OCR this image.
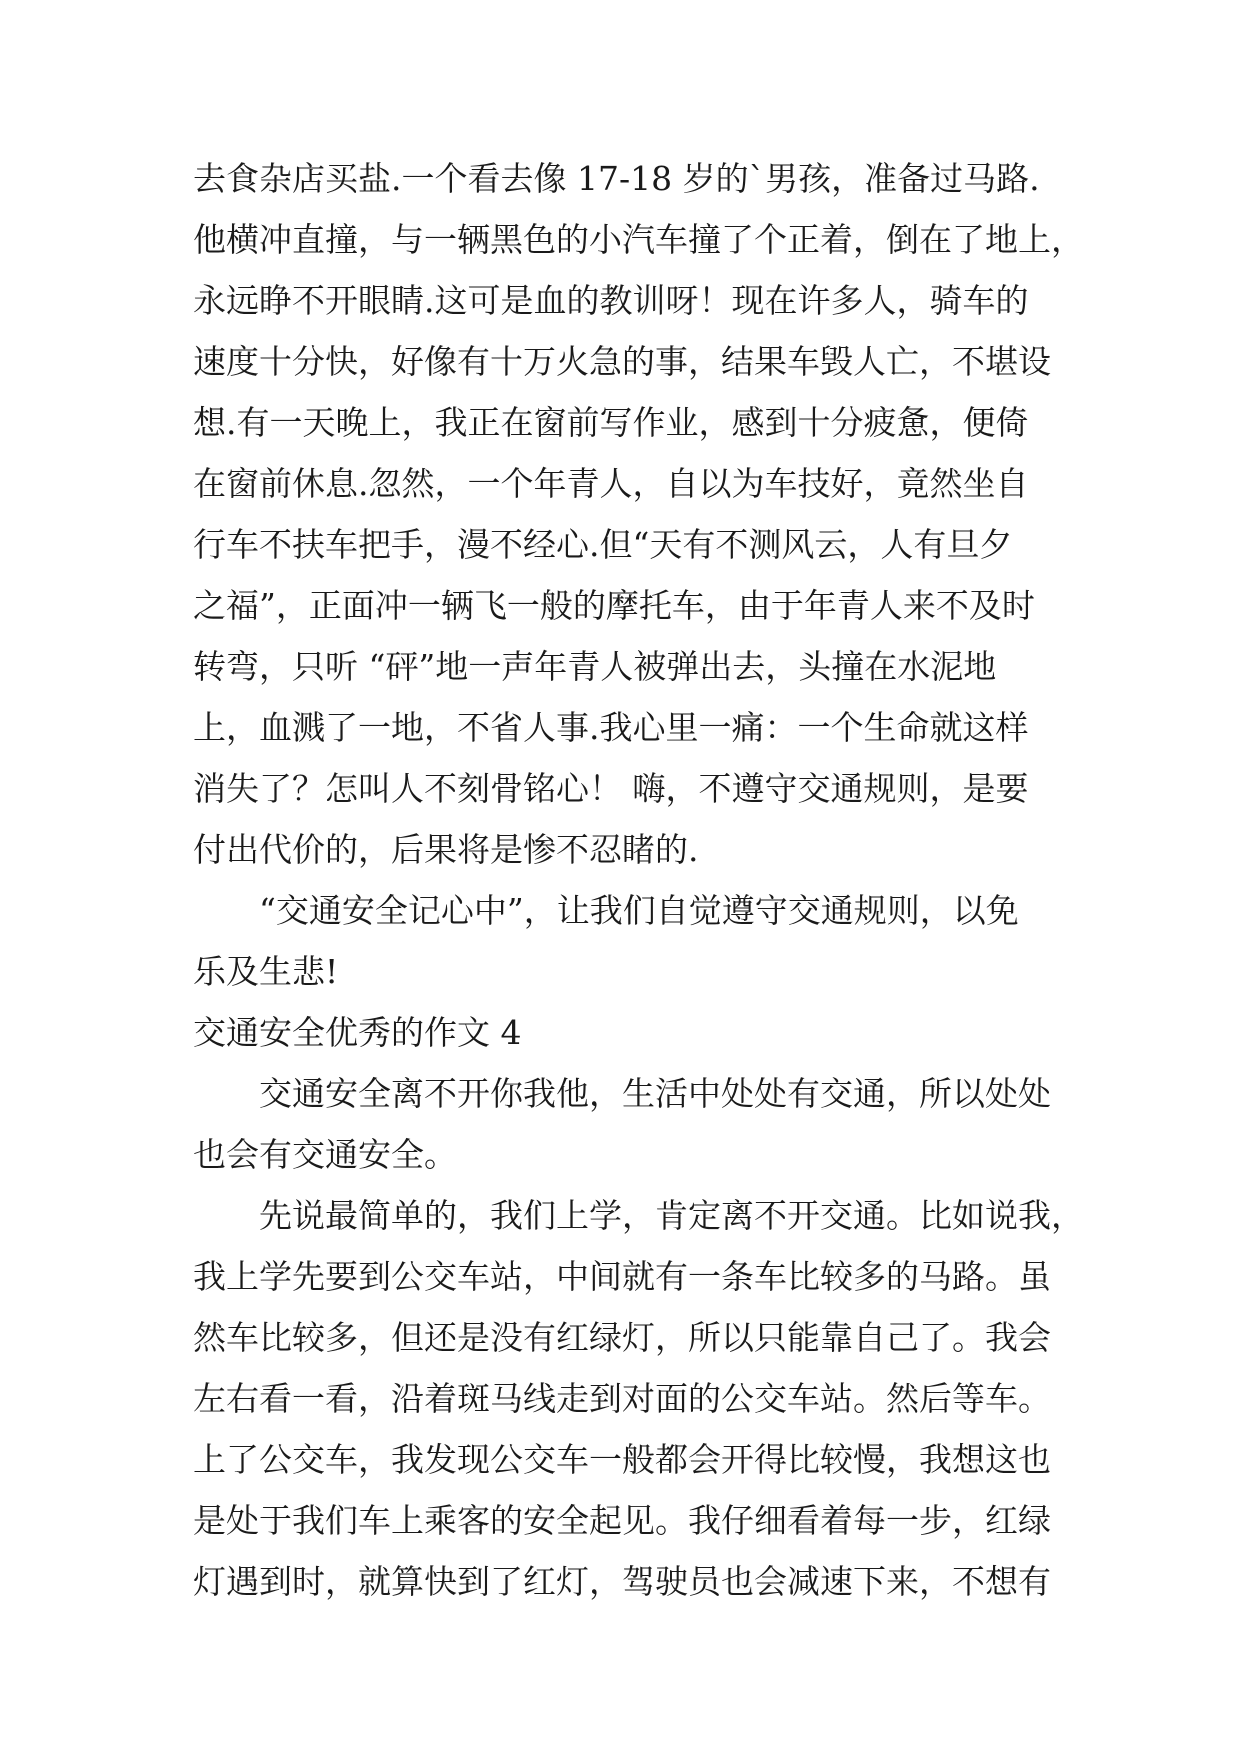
去食杂店买盐.一个看去像 17-18 岁的`男孩，准备过马路.

他横冲直撞，与一辆黑色的小汽车撞了个正着，倒在了地上，

永远睁不开眼睛.这可是血的教训呀！现在许多人，骑车的

速度十分快，好像有十万火急的事，结果车毁人亡，不堪设

想.有一天晚上，我正在窗前写作业，感到十分疲惫，便倚

在窗前休息.忽然，一个年青人，自以为车技好，竟然坐自

行车不扶车把手，漫不经心.但“天有不测风云，人有旦夕

之福”，正面冲一辆飞一般的摩托车，由于年青人来不及时

转弯，只听 “砰”地一声年青人被弹出去，头撞在水泥地

上，血溅了一地，不省人事.我心里一痛：一个生命就这样

消失了？怎叫人不刻骨铭心！ 嗨，不遵守交通规则，是要

付出代价的，后果将是惨不忍睹的.

“交通安全记心中”，让我们自觉遵守交通规则，以免

乐及生悲!

交通安全优秀的作文 4

交通安全离不开你我他，生活中处处有交通，所以处处

也会有交通安全。

先说最简单的，我们上学，肯定离不开交通。比如说我，

我上学先要到公交车站，中间就有一条车比较多的马路。虽

然车比较多，但还是没有红绿灯，所以只能靠自己了。我会

左右看一看，沿着斑马线走到对面的公交车站。然后等车。

上了公交车，我发现公交车一般都会开得比较慢，我想这也

是处于我们车上乘客的安全起见。我仔细看着每一步，红绿

灯遇到时，就算快到了红灯，驾驶员也会减速下来，不想有
